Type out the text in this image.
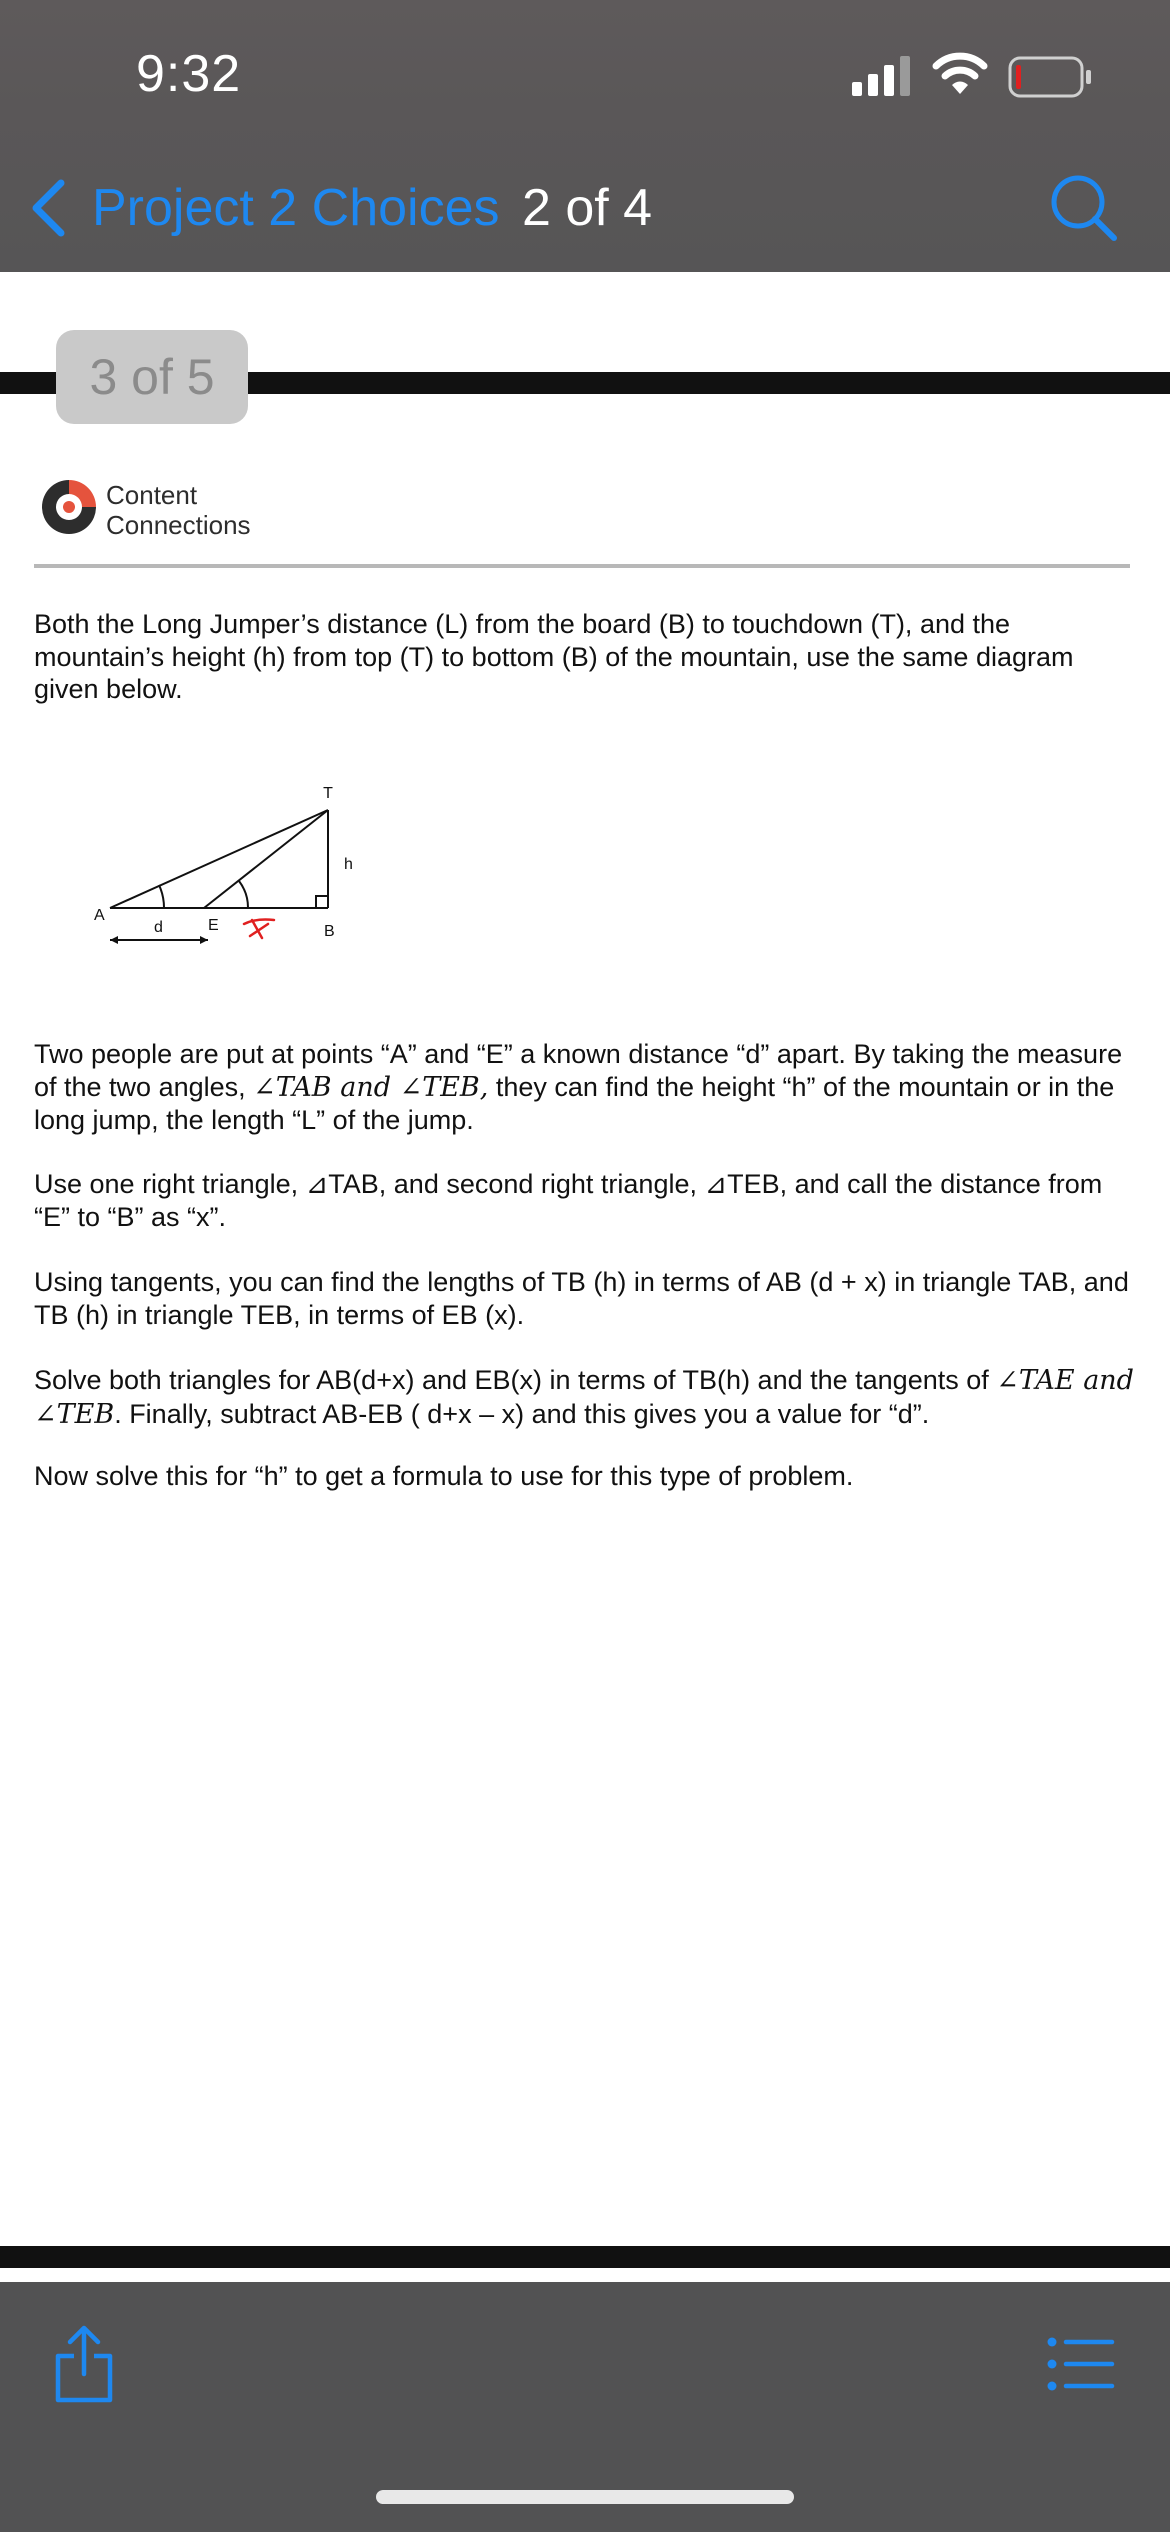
9:32
Project 2 Choices 2 of 4
3 of 5
Content
Connections

Both the Long Jumper’s distance (L) from the board (B) to touchdown (T), and the mountain’s height (h) from top (T) to bottom (B) of the mountain, use the same diagram given below.

T
h
A
d	E	B

Two people are put at points “A” and “E” a known distance “d” apart. By taking the measure of the two angles, ∠TAB and ∠TEB, they can find the height “h” of the mountain or in the long jump, the length “L” of the jump.

Use one right triangle, ⊿TAB, and second right triangle, ⊿TEB, and call the distance from “E” to “B” as “x”.

Using tangents, you can find the lengths of TB (h) in terms of AB (d + x) in triangle TAB, and TB (h) in triangle TEB, in terms of EB (x).

Solve both triangles for AB(d+x) and EB(x) in terms of TB(h) and the tangents of ∠TAE and ∠TEB. Finally, subtract AB-EB ( d+x – x) and this gives you a value for “d”.

Now solve this for “h” to get a formula to use for this type of problem.
